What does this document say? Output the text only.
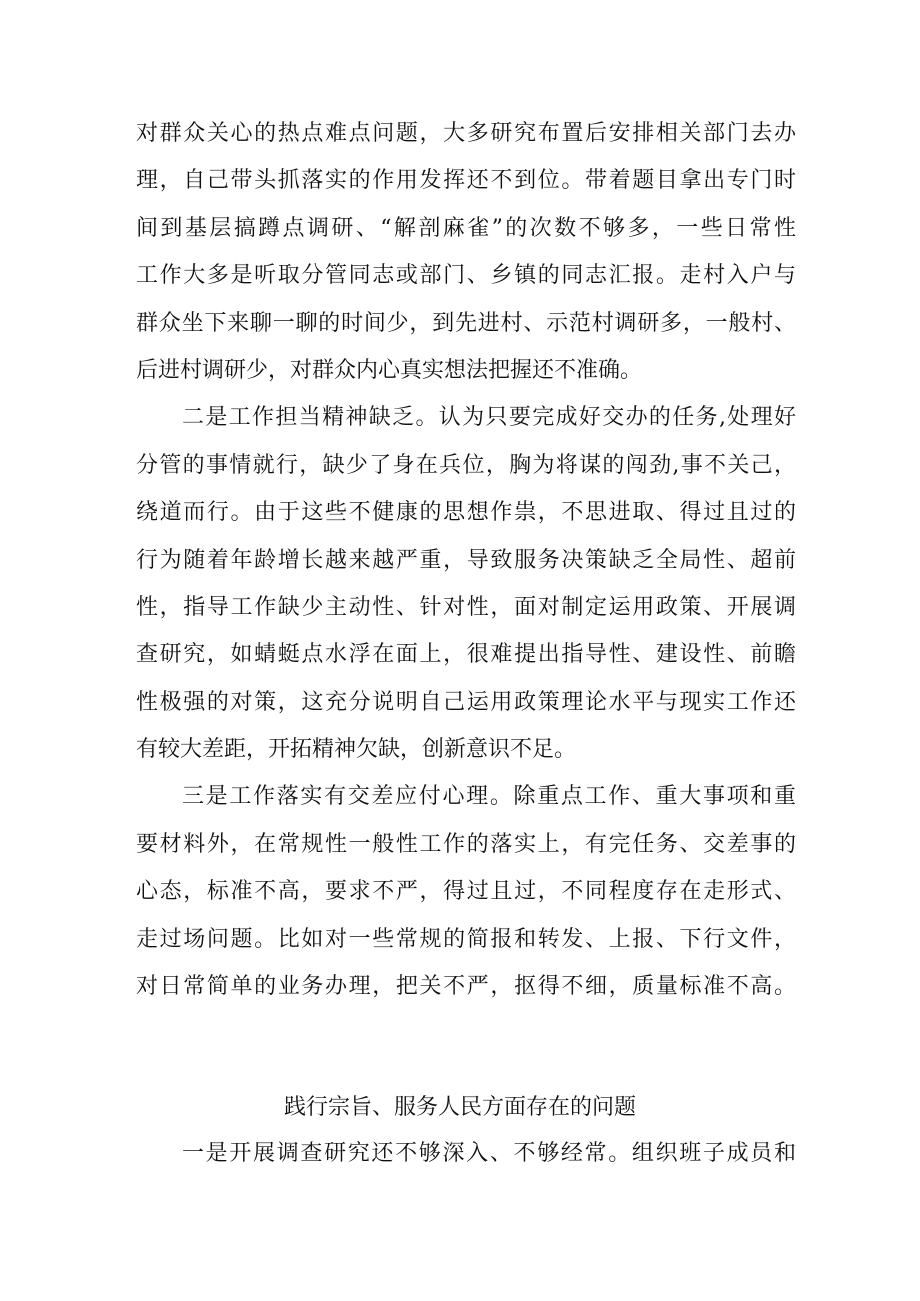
对群众关心的热点难点问题，大多研究布置后安排相关部门去办
理，自己带头抓落实的作用发挥还不到位。带着题目拿出专门时
间到基层搞蹲点调研、“解剖麻雀”的次数不够多，一些日常性
工作大多是听取分管同志或部门、乡镇的同志汇报。走村入户与
群众坐下来聊一聊的时间少，到先进村、示范村调研多，一般村、
后进村调研少，对群众内心真实想法把握还不准确。
二是工作担当精神缺乏。认为只要完成好交办的任务,处理好
分管的事情就行，缺少了身在兵位，胸为将谋的闯劲,事不关己，
绕道而行。由于这些不健康的思想作祟，不思进取、得过且过的
行为随着年龄增长越来越严重，导致服务决策缺乏全局性、超前
性，指导工作缺少主动性、针对性，面对制定运用政策、开展调
查研究，如蜻蜓点水浮在面上，很难提出指导性、建设性、前瞻
性极强的对策，这充分说明自己运用政策理论水平与现实工作还
有较大差距，开拓精神欠缺，创新意识不足。
三是工作落实有交差应付心理。除重点工作、重大事项和重
要材料外，在常规性一般性工作的落实上，有完任务、交差事的
心态，标准不高，要求不严，得过且过，不同程度存在走形式、
走过场问题。比如对一些常规的简报和转发、上报、下行文件，
对日常简单的业务办理，把关不严，抠得不细，质量标准不高。
践行宗旨、服务人民方面存在的问题
一是开展调查研究还不够深入、不够经常。组织班子成员和
